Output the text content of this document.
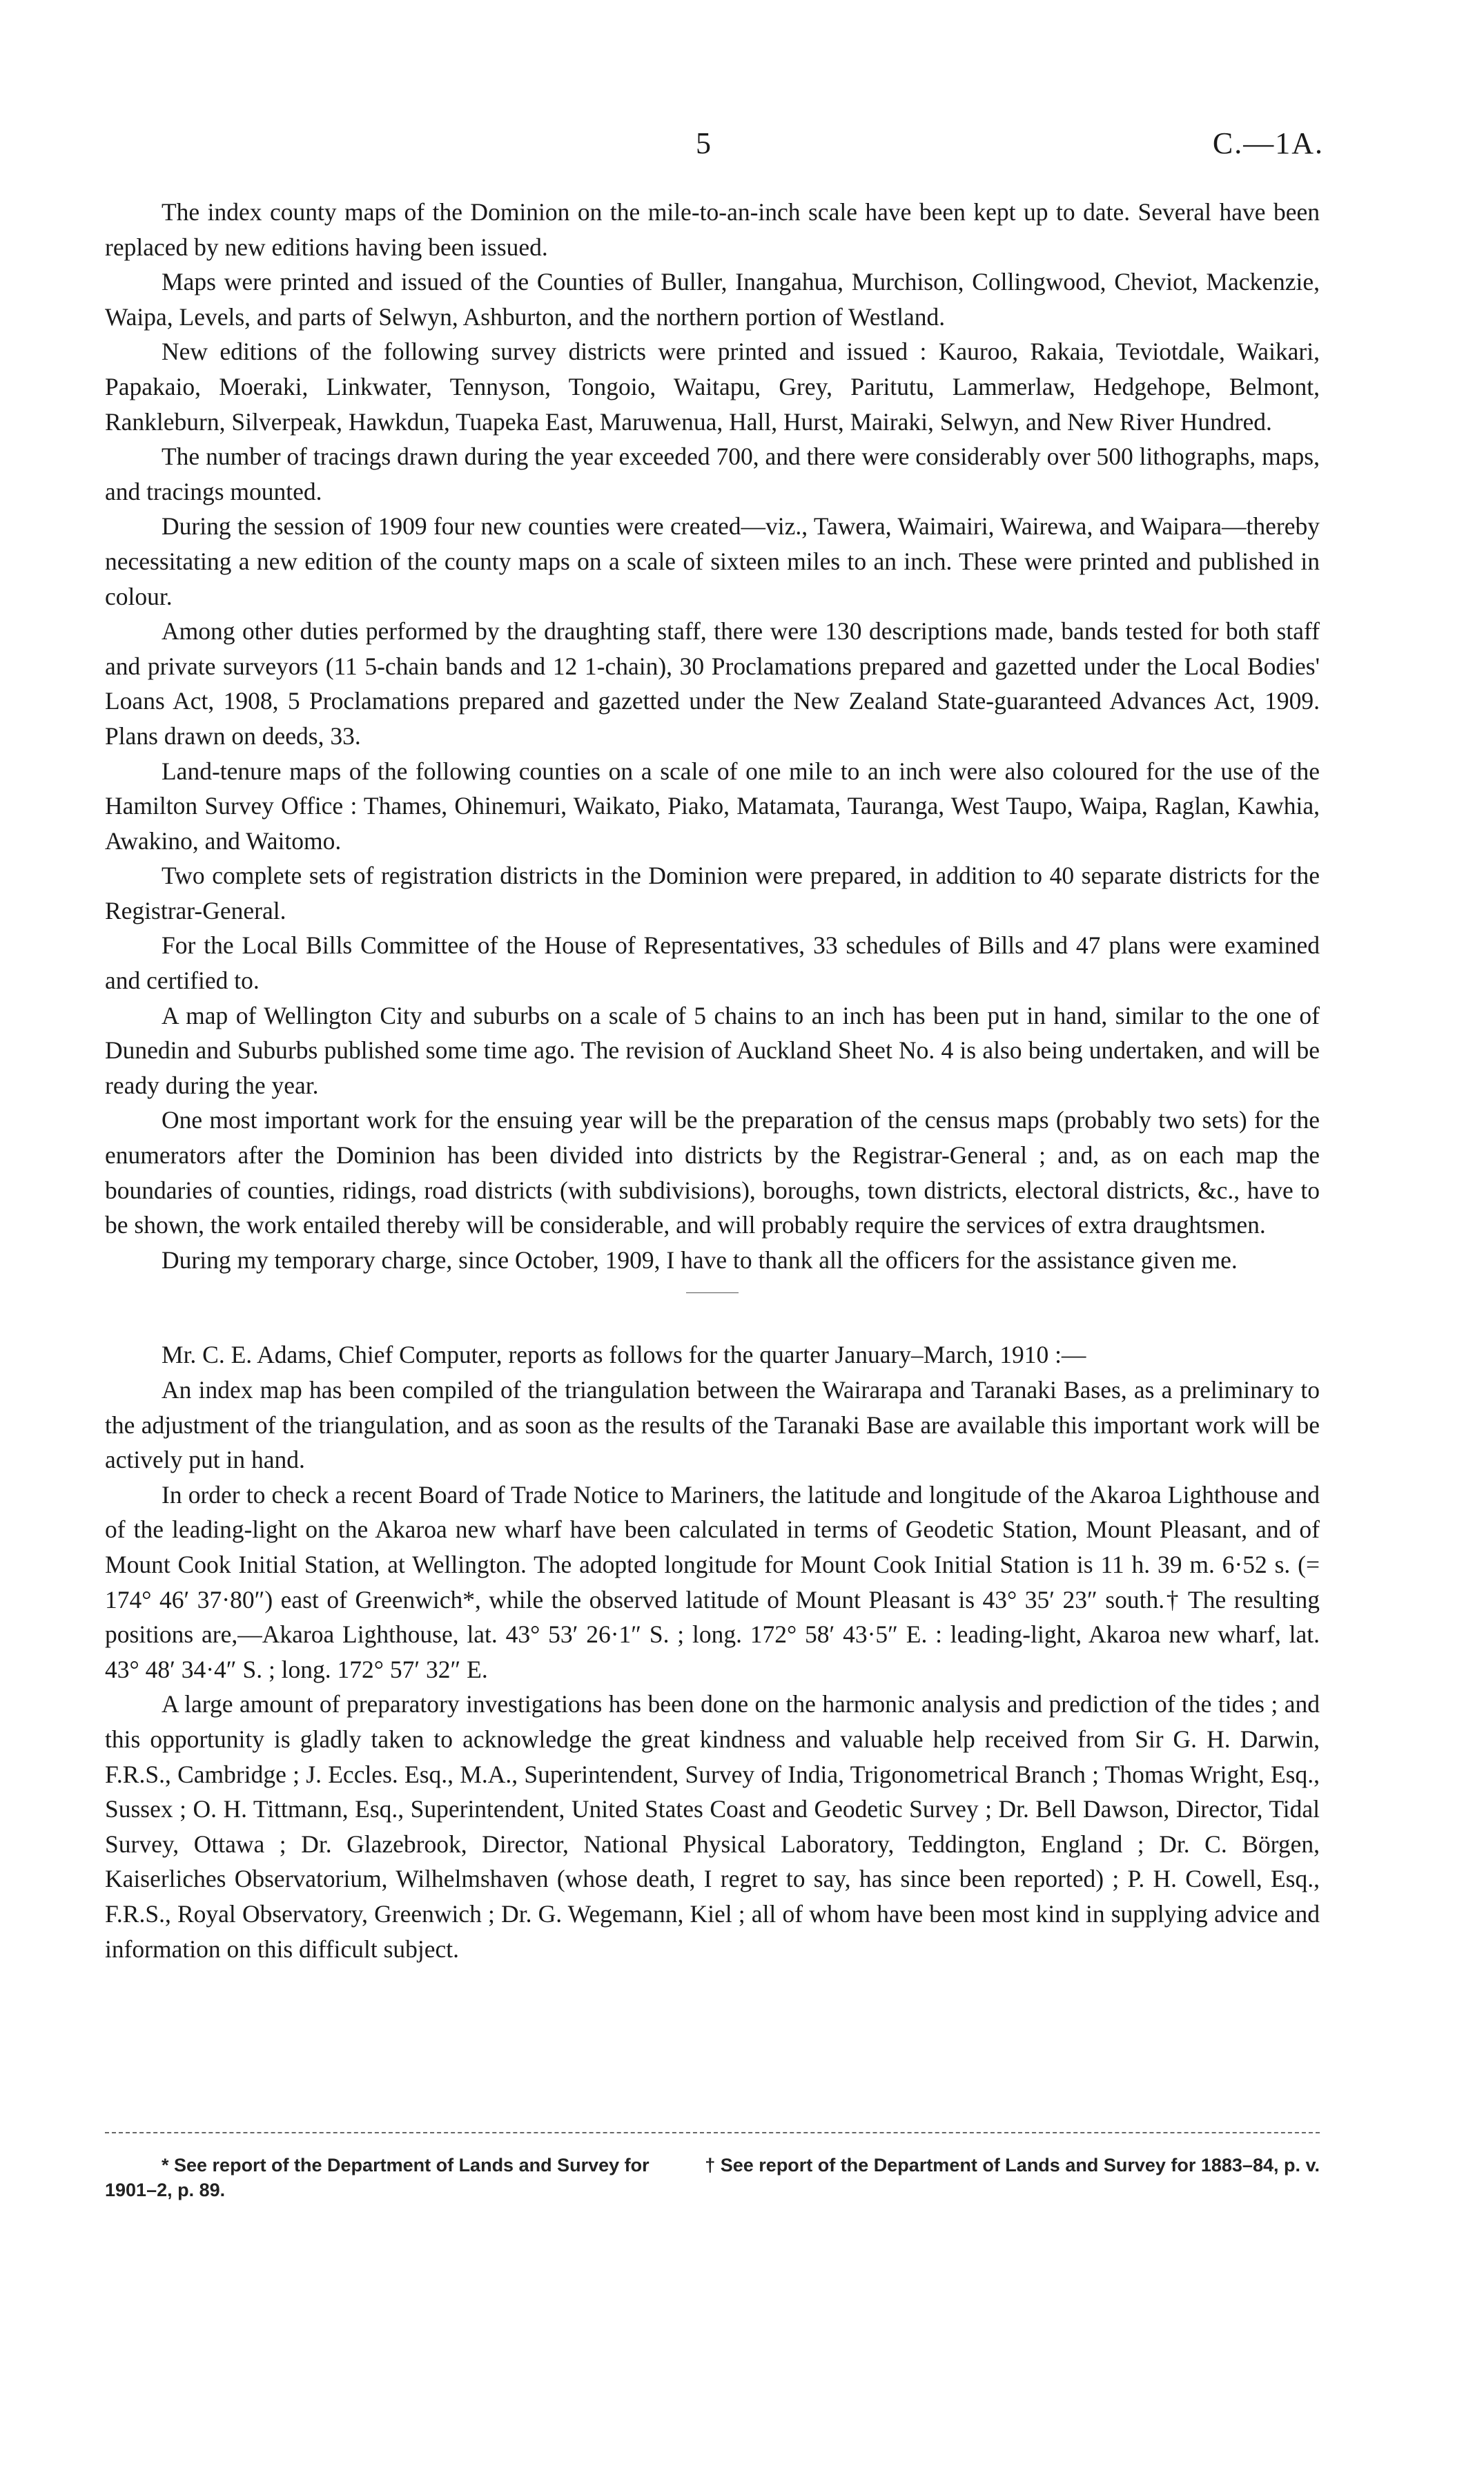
5	C.—1A.

The index county maps of the Dominion on the mile-to-an-inch scale have been kept up to date. Several have been replaced by new editions having been issued.

Maps were printed and issued of the Counties of Buller, Inangahua, Murchison, Collingwood, Cheviot, Mackenzie, Waipa, Levels, and parts of Selwyn, Ashburton, and the northern portion of Westland.

New editions of the following survey districts were printed and issued : Kauroo, Rakaia, Teviotdale, Waikari, Papakaio, Moeraki, Linkwater, Tennyson, Tongoio, Waitapu, Grey, Paritutu, Lammerlaw, Hedgehope, Belmont, Rankleburn, Silverpeak, Hawkdun, Tuapeka East, Maruwenua, Hall, Hurst, Mairaki, Selwyn, and New River Hundred.

The number of tracings drawn during the year exceeded 700, and there were considerably over 500 lithographs, maps, and tracings mounted.

During the session of 1909 four new counties were created—viz., Tawera, Waimairi, Wairewa, and Waipara—thereby necessitating a new edition of the county maps on a scale of sixteen miles to an inch. These were printed and published in colour.

Among other duties performed by the draughting staff, there were 130 descriptions made, bands tested for both staff and private surveyors (11 5-chain bands and 12 1-chain), 30 Proclamations prepared and gazetted under the Local Bodies' Loans Act, 1908, 5 Proclamations prepared and gazetted under the New Zealand State-guaranteed Advances Act, 1909. Plans drawn on deeds, 33.

Land-tenure maps of the following counties on a scale of one mile to an inch were also coloured for the use of the Hamilton Survey Office : Thames, Ohinemuri, Waikato, Piako, Matamata, Tauranga, West Taupo, Waipa, Raglan, Kawhia, Awakino, and Waitomo.

Two complete sets of registration districts in the Dominion were prepared, in addition to 40 separate districts for the Registrar-General.

For the Local Bills Committee of the House of Representatives, 33 schedules of Bills and 47 plans were examined and certified to.

A map of Wellington City and suburbs on a scale of 5 chains to an inch has been put in hand, similar to the one of Dunedin and Suburbs published some time ago. The revision of Auckland Sheet No. 4 is also being undertaken, and will be ready during the year.

One most important work for the ensuing year will be the preparation of the census maps (probably two sets) for the enumerators after the Dominion has been divided into districts by the Registrar-General ; and, as on each map the boundaries of counties, ridings, road districts (with subdivisions), boroughs, town districts, electoral districts, &c., have to be shown, the work entailed thereby will be considerable, and will probably require the services of extra draughtsmen.

During my temporary charge, since October, 1909, I have to thank all the officers for the assistance given me.

Mr. C. E. Adams, Chief Computer, reports as follows for the quarter January–March, 1910 :—

An index map has been compiled of the triangulation between the Wairarapa and Taranaki Bases, as a preliminary to the adjustment of the triangulation, and as soon as the results of the Taranaki Base are available this important work will be actively put in hand.

In order to check a recent Board of Trade Notice to Mariners, the latitude and longitude of the Akaroa Lighthouse and of the leading-light on the Akaroa new wharf have been calculated in terms of Geodetic Station, Mount Pleasant, and of Mount Cook Initial Station, at Wellington. The adopted longitude for Mount Cook Initial Station is 11 h. 39 m. 6·52 s. (= 174° 46′ 37·80″) east of Greenwich*, while the observed latitude of Mount Pleasant is 43° 35′ 23″ south.† The resulting positions are,—Akaroa Lighthouse, lat. 43° 53′ 26·1″ S. ; long. 172° 58′ 43·5″ E. : leading-light, Akaroa new wharf, lat. 43° 48′ 34·4″ S. ; long. 172° 57′ 32″ E.

A large amount of preparatory investigations has been done on the harmonic analysis and prediction of the tides ; and this opportunity is gladly taken to acknowledge the great kindness and valuable help received from Sir G. H. Darwin, F.R.S., Cambridge ; J. Eccles. Esq., M.A., Superintendent, Survey of India, Trigonometrical Branch ; Thomas Wright, Esq., Sussex ; O. H. Tittmann, Esq., Superintendent, United States Coast and Geodetic Survey ; Dr. Bell Dawson, Director, Tidal Survey, Ottawa ; Dr. Glazebrook, Director, National Physical Laboratory, Teddington, England ; Dr. C. Börgen, Kaiserliches Observatorium, Wilhelmshaven (whose death, I regret to say, has since been reported) ; P. H. Cowell, Esq., F.R.S., Royal Observatory, Greenwich ; Dr. G. Wegemann, Kiel ; all of whom have been most kind in supplying advice and information on this difficult subject.

† See report of the Department of Lands and Survey for 1883–84, p. v.
* See report of the Department of Lands and Survey for 1901–2, p. 89.
